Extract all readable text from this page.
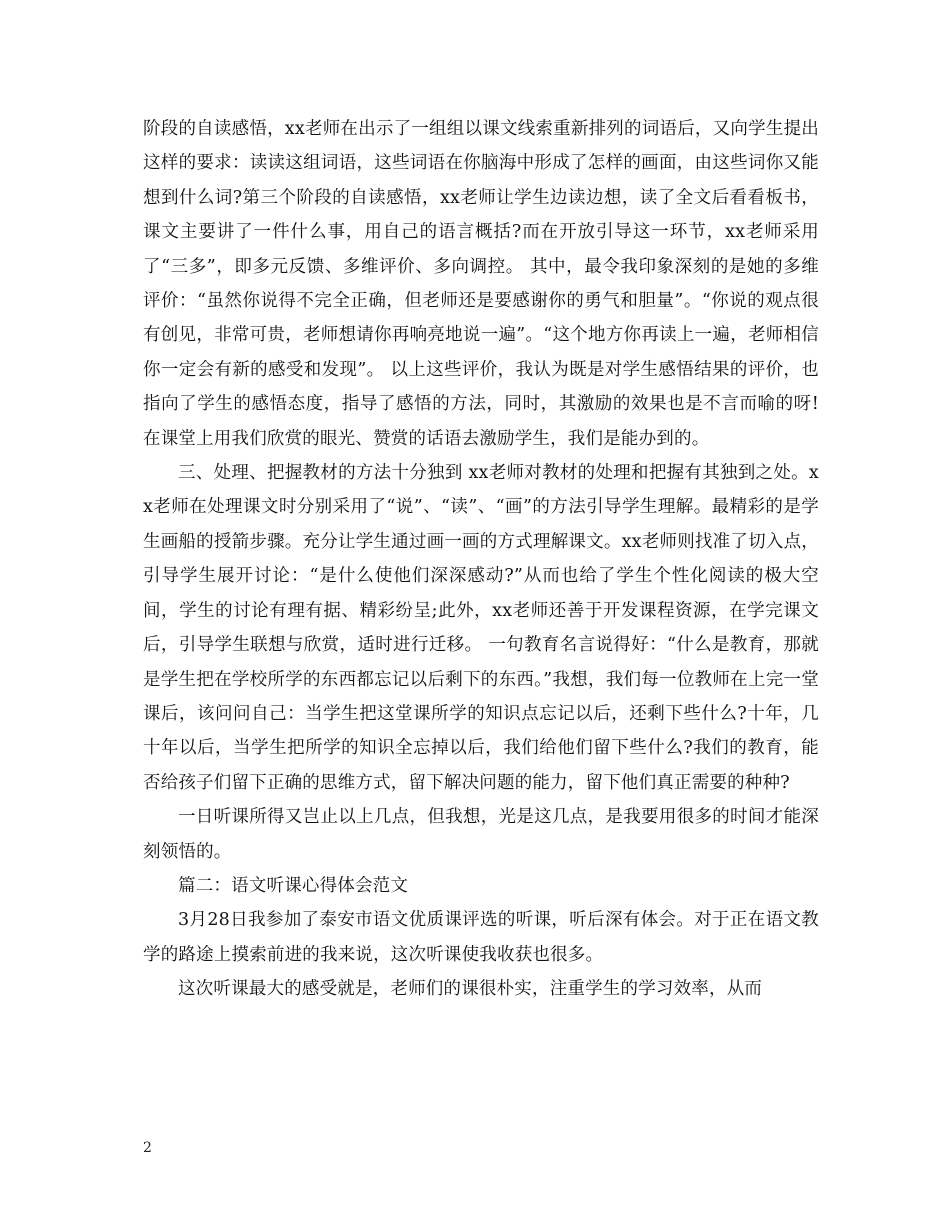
阶段的自读感悟，xx老师在出示了一组组以课文线索重新排列的词语后，又向学生提出这样的要求：读读这组词语，这些词语在你脑海中形成了怎样的画面，由这些词你又能想到什么词?第三个阶段的自读感悟，xx老师让学生边读边想，读了全文后看看板书，课文主要讲了一件什么事，用自己的语言概括?而在开放引导这一环节，xx老师采用了“三多”，即多元反馈、多维评价、多向调控。 其中，最令我印象深刻的是她的多维评价：“虽然你说得不完全正确，但老师还是要感谢你的勇气和胆量”。“你说的观点很有创见，非常可贵，老师想请你再响亮地说一遍”。“这个地方你再读上一遍，老师相信你一定会有新的感受和发现”。 以上这些评价，我认为既是对学生感悟结果的评价，也指向了学生的感悟态度，指导了感悟的方法，同时，其激励的效果也是不言而喻的呀!在课堂上用我们欣赏的眼光、赞赏的话语去激励学生，我们是能办到的。

三、处理、把握教材的方法十分独到 xx老师对教材的处理和把握有其独到之处。xx老师在处理课文时分别采用了“说”、“读”、“画”的方法引导学生理解。最精彩的是学生画船的授箭步骤。充分让学生通过画一画的方式理解课文。xx老师则找准了切入点，引导学生展开讨论：“是什么使他们深深感动?”从而也给了学生个性化阅读的极大空间，学生的讨论有理有据、精彩纷呈;此外，xx老师还善于开发课程资源，在学完课文后，引导学生联想与欣赏，适时进行迁移。 一句教育名言说得好：“什么是教育，那就是学生把在学校所学的东西都忘记以后剩下的东西。”我想，我们每一位教师在上完一堂课后，该问问自己：当学生把这堂课所学的知识点忘记以后，还剩下些什么?十年，几十年以后，当学生把所学的知识全忘掉以后，我们给他们留下些什么?我们的教育，能否给孩子们留下正确的思维方式，留下解决问题的能力，留下他们真正需要的种种?

一日听课所得又岂止以上几点，但我想，光是这几点，是我要用很多的时间才能深刻领悟的。

篇二：语文听课心得体会范文

3月28日我参加了泰安市语文优质课评选的听课，听后深有体会。对于正在语文教学的路途上摸索前进的我来说，这次听课使我收获也很多。

这次听课最大的感受就是，老师们的课很朴实，注重学生的学习效率，从而

2
